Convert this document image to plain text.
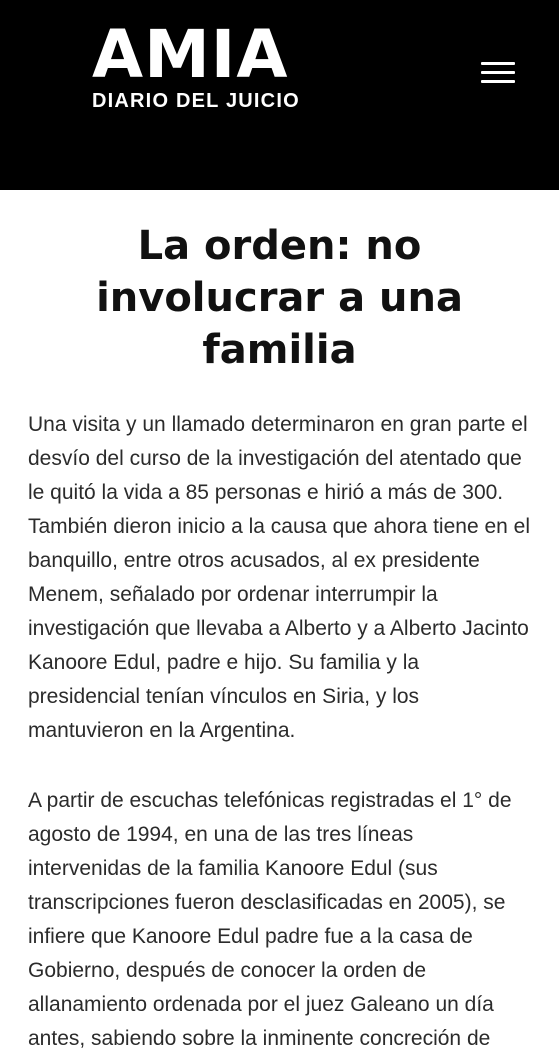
AMIA
DIARIO DEL JUICIO
La orden: no involucrar a una familia

Una visita y un llamado determinaron en gran parte el desvío del curso de la investigación del atentado que le quitó la vida a 85 personas e hirió a más de 300. También dieron inicio a la causa que ahora tiene en el banquillo, entre otros acusados, al ex presidente Menem, señalado por ordenar interrumpir la investigación que llevaba a Alberto y a Alberto Jacinto Kanoore Edul, padre e hijo. Su familia y la presidencial tenían vínculos en Siria, y los mantuvieron en la Argentina.

A partir de escuchas telefónicas registradas el 1° de agosto de 1994, en una de las tres líneas intervenidas de la familia Kanoore Edul (sus transcripciones fueron desclasificadas en 2005), se infiere que Kanoore Edul padre fue a la casa de Gobierno, después de conocer la orden de allanamiento ordenada por el juez Galeano un día antes, sabiendo sobre la inminente concreción de
